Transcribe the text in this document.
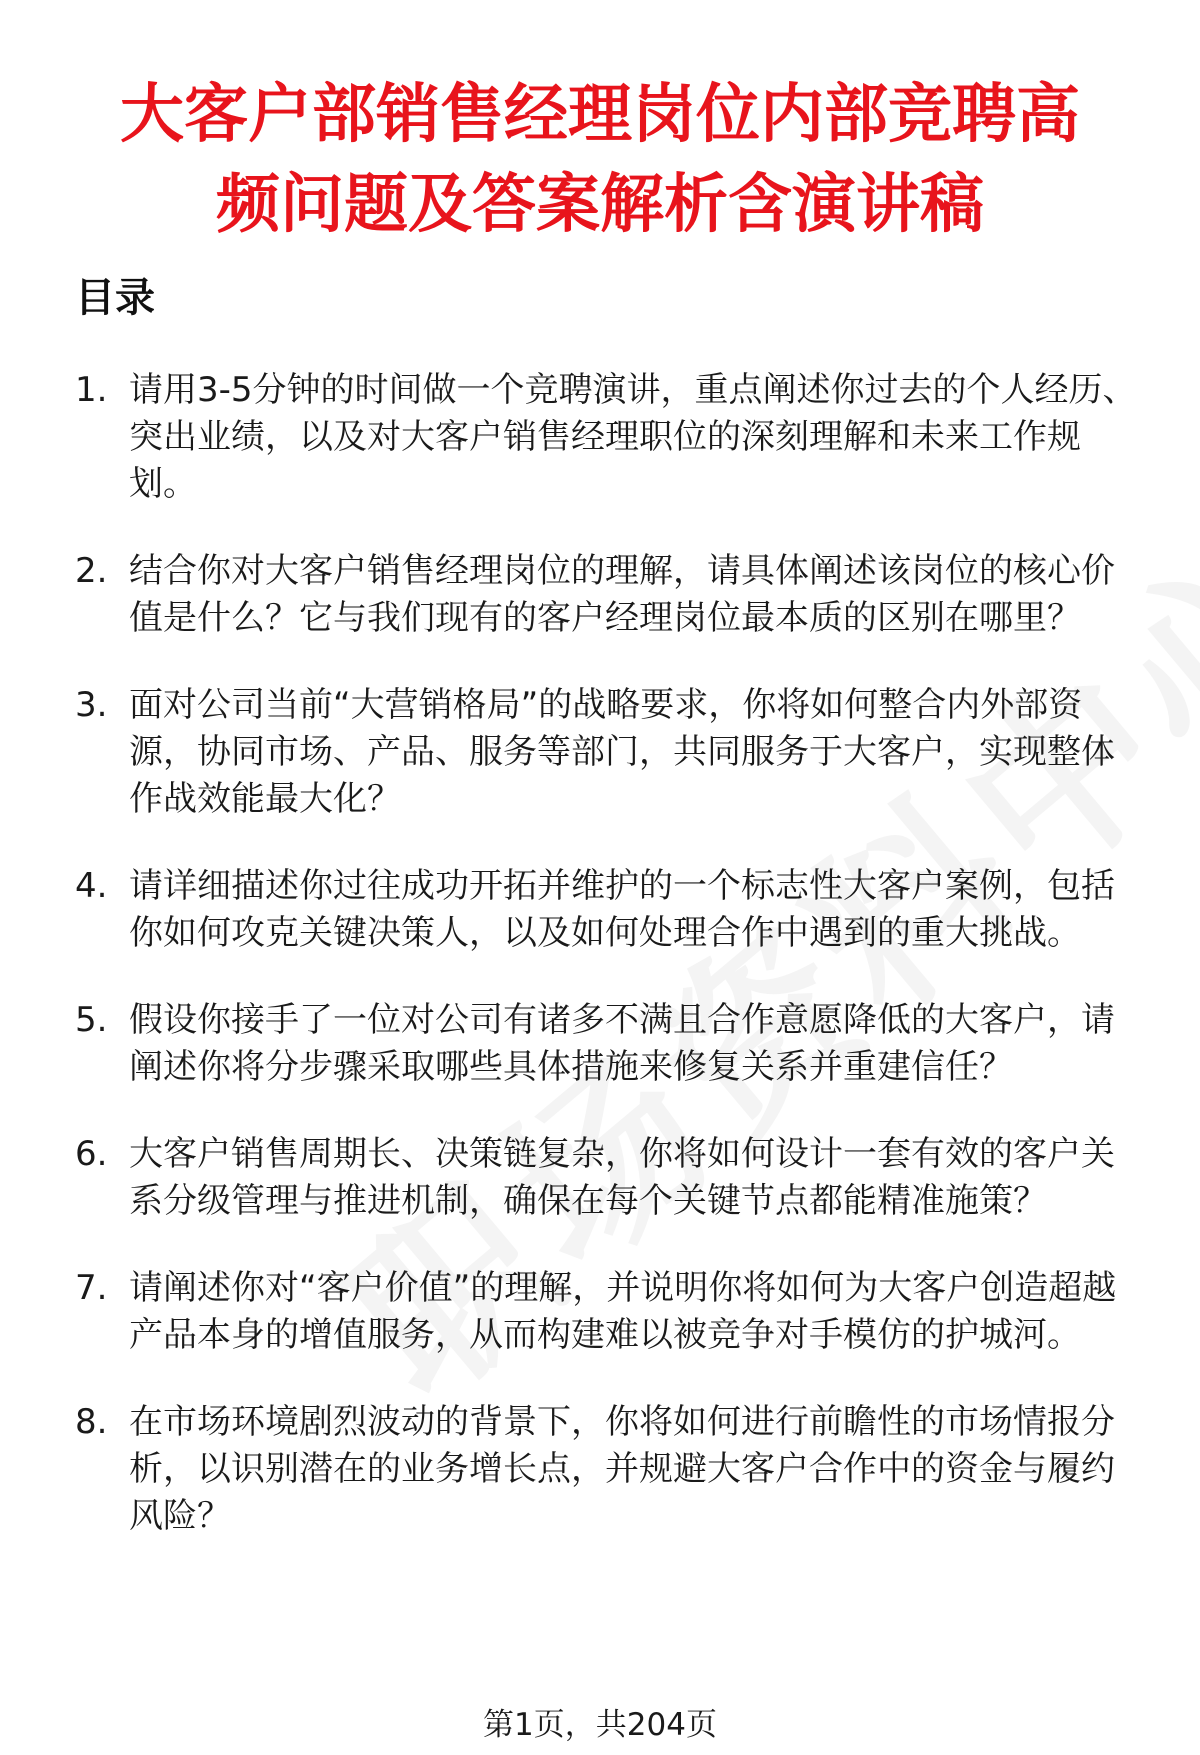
大客户部销售经理岗位内部竞聘高
频问题及答案解析含演讲稿
目录
1. 请用3-5分钟的时间做一个竞聘演讲，重点阐述你过去的个人经历、突出业绩，以及对大客户销售经理职位的深刻理解和未来工作规划。
2. 结合你对大客户销售经理岗位的理解，请具体阐述该岗位的核心价值是什么？它与我们现有的客户经理岗位最本质的区别在哪里？
3. 面对公司当前“大营销格局”的战略要求，你将如何整合内外部资源，协同市场、产品、服务等部门，共同服务于大客户，实现整体作战效能最大化？
4. 请详细描述你过往成功开拓并维护的一个标志性大客户案例，包括你如何攻克关键决策人，以及如何处理合作中遇到的重大挑战。
5. 假设你接手了一位对公司有诸多不满且合作意愿降低的大客户，请阐述你将分步骤采取哪些具体措施来修复关系并重建信任？
6. 大客户销售周期长、决策链复杂，你将如何设计一套有效的客户关系分级管理与推进机制，确保在每个关键节点都能精准施策？
7. 请阐述你对“客户价值”的理解，并说明你将如何为大客户创造超越产品本身的增值服务，从而构建难以被竞争对手模仿的护城河。
8. 在市场环境剧烈波动的背景下，你将如何进行前瞻性的市场情报分析，以识别潜在的业务增长点，并规避大客户合作中的资金与履约风险？
第1页，共204页
